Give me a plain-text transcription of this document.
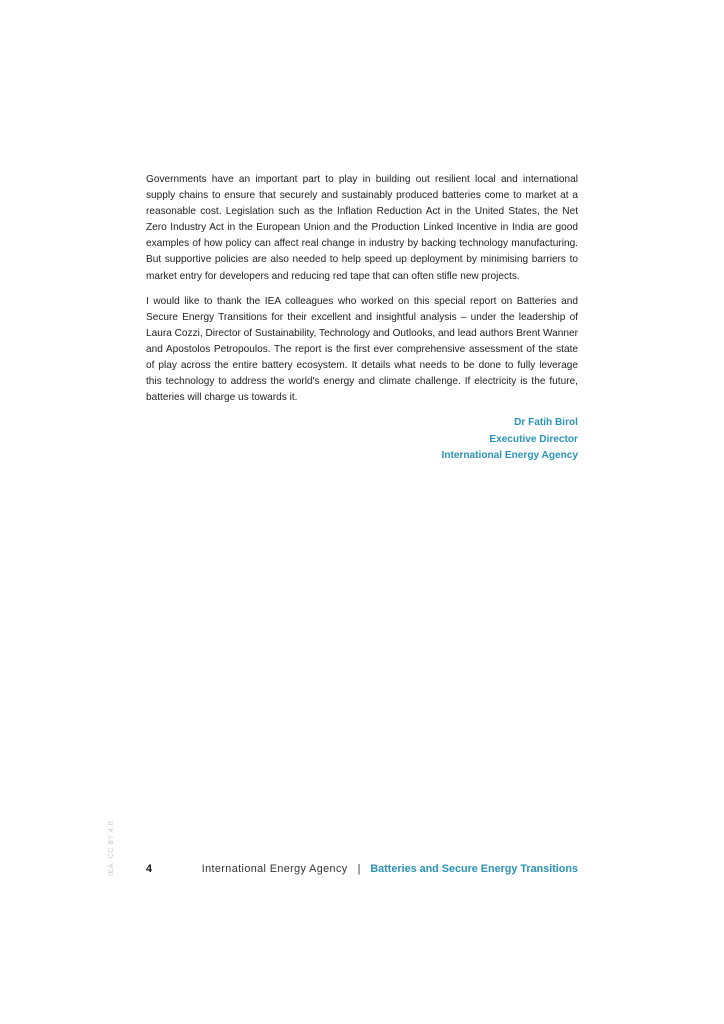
Governments have an important part to play in building out resilient local and international supply chains to ensure that securely and sustainably produced batteries come to market at a reasonable cost. Legislation such as the Inflation Reduction Act in the United States, the Net Zero Industry Act in the European Union and the Production Linked Incentive in India are good examples of how policy can affect real change in industry by backing technology manufacturing. But supportive policies are also needed to help speed up deployment by minimising barriers to market entry for developers and reducing red tape that can often stifle new projects.

I would like to thank the IEA colleagues who worked on this special report on Batteries and Secure Energy Transitions for their excellent and insightful analysis – under the leadership of Laura Cozzi, Director of Sustainability, Technology and Outlooks, and lead authors Brent Wanner and Apostolos Petropoulos. The report is the first ever comprehensive assessment of the state of play across the entire battery ecosystem. It details what needs to be done to fully leverage this technology to address the world's energy and climate challenge. If electricity is the future, batteries will charge us towards it.

Dr Fatih Birol
Executive Director
International Energy Agency
IEA. CC BY 4.0.	4	International Energy Agency | Batteries and Secure Energy Transitions
